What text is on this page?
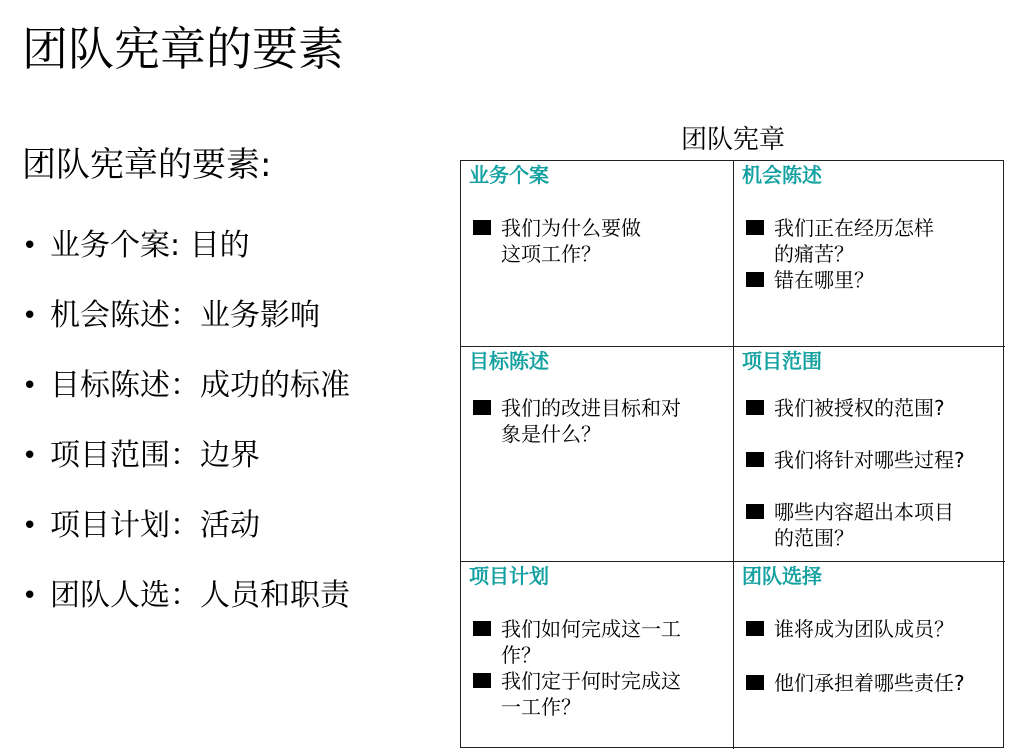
团队宪章的要素
团队宪章的要素:
• 业务个案: 目的
• 机会陈述：业务影响
• 目标陈述：成功的标准
• 项目范围：边界
• 项目计划：活动
• 团队人选：人员和职责
团队宪章
业务个案
我们为什么要做
这项工作？
机会陈述
我们正在经历怎样
的痛苦？
错在哪里？
目标陈述
我们的改进目标和对
象是什么？
项目范围
我们被授权的范围?
我们将针对哪些过程?
哪些内容超出本项目
的范围？
项目计划
我们如何完成这一工
作？
我们定于何时完成这
一工作？
团队选择
谁将成为团队成员？
他们承担着哪些责任?
